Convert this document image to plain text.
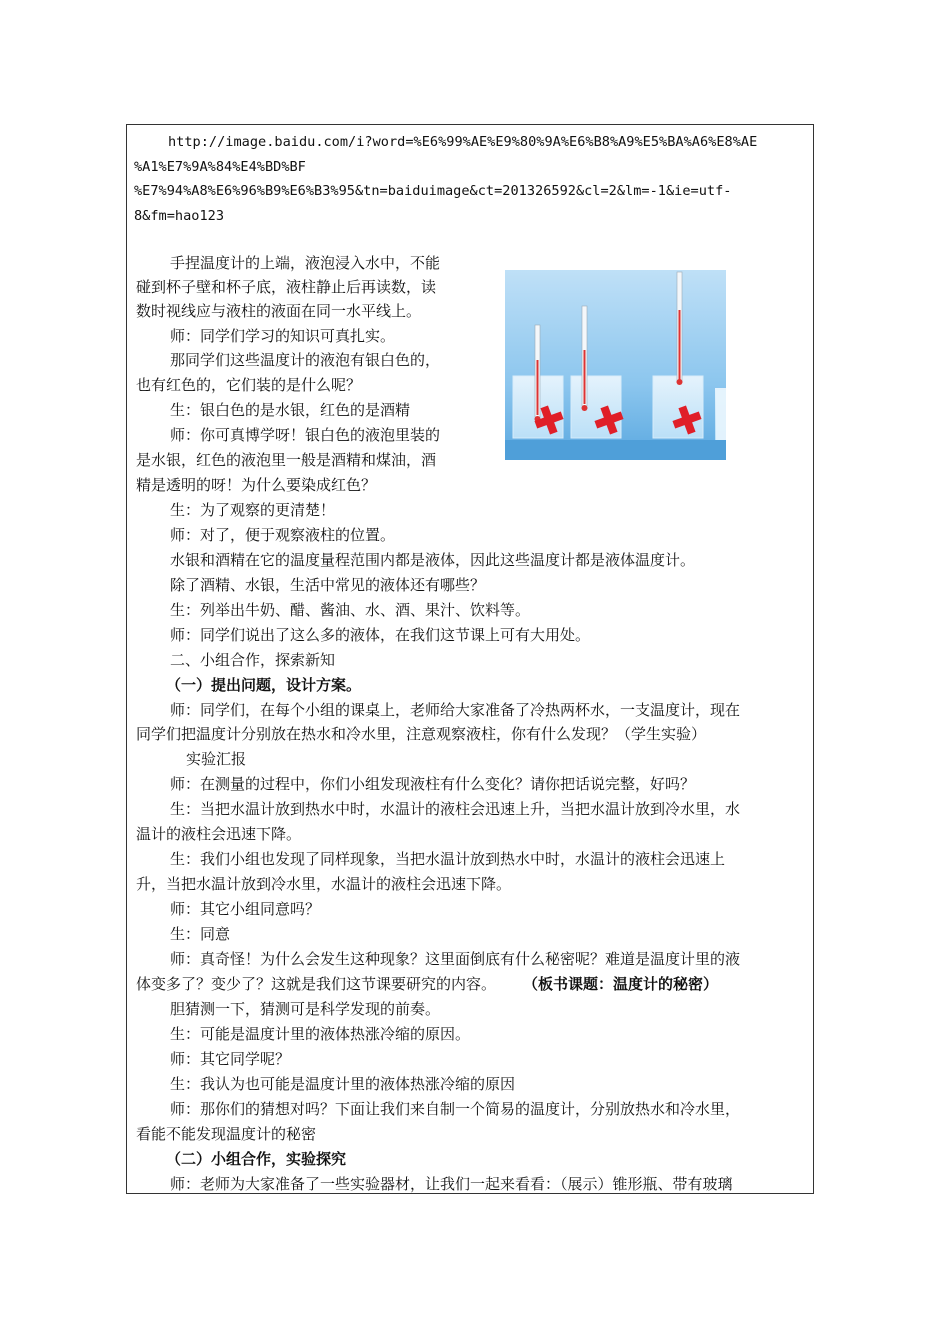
http://image.baidu.com/i?word=%E6%99%AE%E9%80%9A%E6%B8%A9%E5%BA%A6%E8%AE
%A1%E7%9A%84%E4%BD%BF
%E7%94%A8%E6%96%B9%E6%B3%95&tn=baiduimage&ct=201326592&cl=2&lm=-1&ie=utf-
8&fm=hao123
手捏温度计的上端，液泡浸入水中，不能
碰到杯子壁和杯子底，液柱静止后再读数，读
数时视线应与液柱的液面在同一水平线上。
师：同学们学习的知识可真扎实。
那同学们这些温度计的液泡有银白色的，
也有红色的，它们装的是什么呢？
生：银白色的是水银，红色的是酒精
师：你可真博学呀！银白色的液泡里装的
是水银，红色的液泡里一般是酒精和煤油，酒
精是透明的呀！为什么要染成红色？
生：为了观察的更清楚！
师：对了，便于观察液柱的位置。
水银和酒精在它的温度量程范围内都是液体，因此这些温度计都是液体温度计。
除了酒精、水银，生活中常见的液体还有哪些？
生：列举出牛奶、醋、酱油、水、酒、果汁、饮料等。
师：同学们说出了这么多的液体，在我们这节课上可有大用处。
二、小组合作，探索新知
（一）提出问题，设计方案。
师：同学们，在每个小组的课桌上，老师给大家准备了冷热两杯水，一支温度计，现在
同学们把温度计分别放在热水和冷水里，注意观察液柱，你有什么发现？（学生实验）
实验汇报
师：在测量的过程中，你们小组发现液柱有什么变化？请你把话说完整，好吗？
生：当把水温计放到热水中时，水温计的液柱会迅速上升，当把水温计放到冷水里，水
温计的液柱会迅速下降。
生：我们小组也发现了同样现象，当把水温计放到热水中时，水温计的液柱会迅速上
升，当把水温计放到冷水里，水温计的液柱会迅速下降。
师：其它小组同意吗？
生：同意
师：真奇怪！为什么会发生这种现象？这里面倒底有什么秘密呢？难道是温度计里的液
体变多了？变少了？这就是我们这节课要研究的内容。 （板书课题：温度计的秘密）
胆猜测一下，猜测可是科学发现的前奏。
生：可能是温度计里的液体热涨冷缩的原因。
师：其它同学呢？
生：我认为也可能是温度计里的液体热涨冷缩的原因
师：那你们的猜想对吗？下面让我们来自制一个简易的温度计，分别放热水和冷水里，
看能不能发现温度计的秘密
（二）小组合作，实验探究
师：老师为大家准备了一些实验器材，让我们一起来看看：（展示）锥形瓶、带有玻璃
